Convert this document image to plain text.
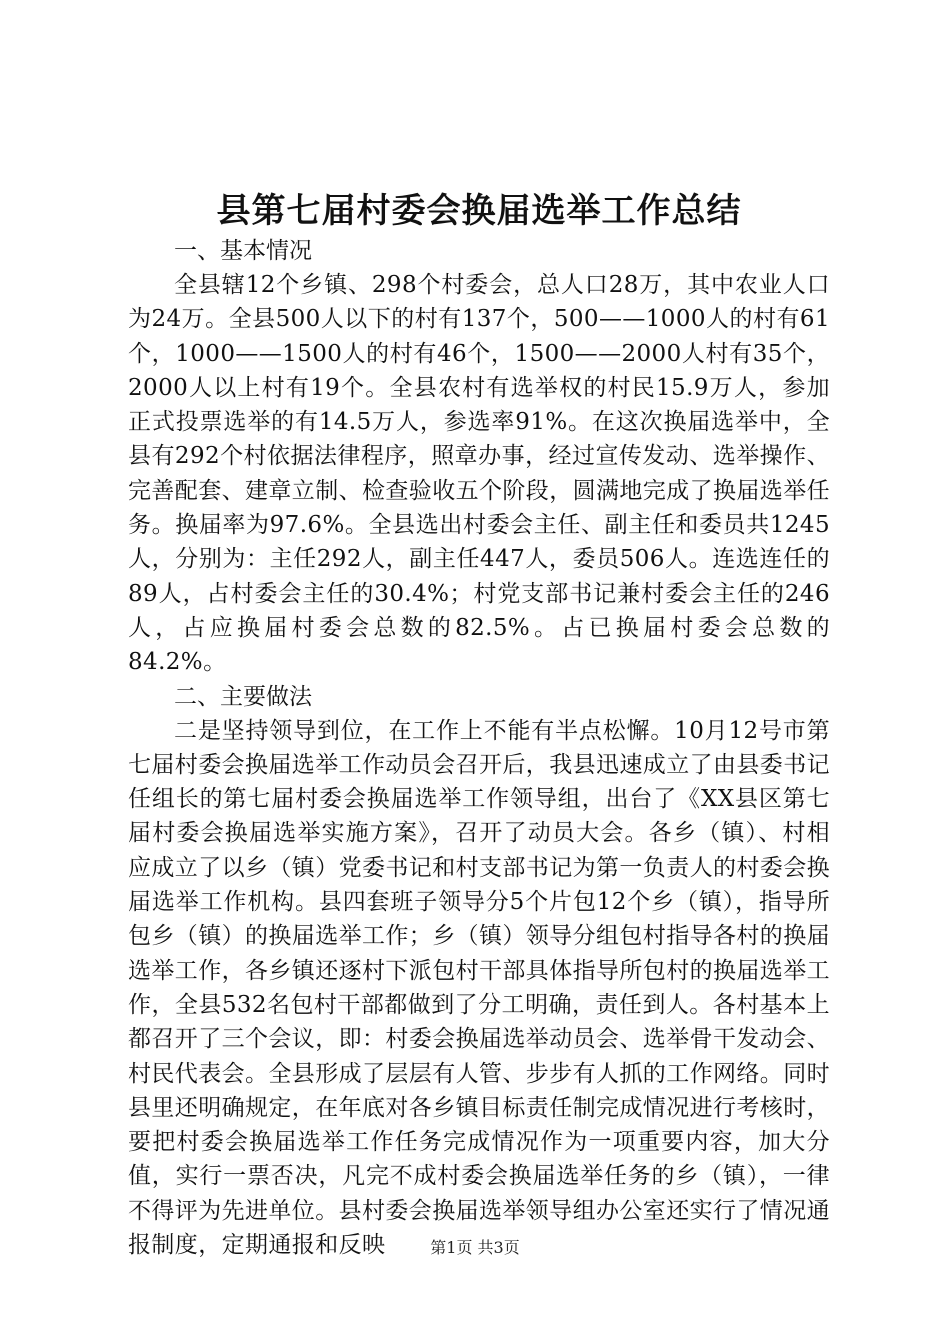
县第七届村委会换届选举工作总结

一、基本情况

全县辖12个乡镇、298个村委会，总人口28万，其中农业人口为24万。全县500人以下的村有137个，500——1000人的村有61个，1000——1500人的村有46个，1500——2000人村有35个，2000人以上村有19个。全县农村有选举权的村民15.9万人，参加正式投票选举的有14.5万人，参选率91%。在这次换届选举中，全县有292个村依据法律程序，照章办事，经过宣传发动、选举操作、完善配套、建章立制、检查验收五个阶段，圆满地完成了换届选举任务。换届率为97.6%。全县选出村委会主任、副主任和委员共1245人，分别为：主任292人，副主任447人，委员506人。连选连任的89人，占村委会主任的30.4%；村党支部书记兼村委会主任的246人，占应换届村委会总数的82.5%。占已换届村委会总数的84.2%。

二、主要做法

二是坚持领导到位，在工作上不能有半点松懈。10月12号市第七届村委会换届选举工作动员会召开后，我县迅速成立了由县委书记任组长的第七届村委会换届选举工作领导组，出台了《XX县区第七届村委会换届选举实施方案》，召开了动员大会。各乡（镇）、村相应成立了以乡（镇）党委书记和村支部书记为第一负责人的村委会换届选举工作机构。县四套班子领导分5个片包12个乡（镇），指导所包乡（镇）的换届选举工作；乡（镇）领导分组包村指导各村的换届选举工作，各乡镇还逐村下派包村干部具体指导所包村的换届选举工作，全县532名包村干部都做到了分工明确，责任到人。各村基本上都召开了三个会议，即：村委会换届选举动员会、选举骨干发动会、村民代表会。全县形成了层层有人管、步步有人抓的工作网络。同时县里还明确规定，在年底对各乡镇目标责任制完成情况进行考核时，要把村委会换届选举工作任务完成情况作为一项重要内容，加大分值，实行一票否决，凡完不成村委会换届选举任务的乡（镇），一律不得评为先进单位。县村委会换届选举领导组办公室还实行了情况通报制度，定期通报和反映	第1页 共3页
